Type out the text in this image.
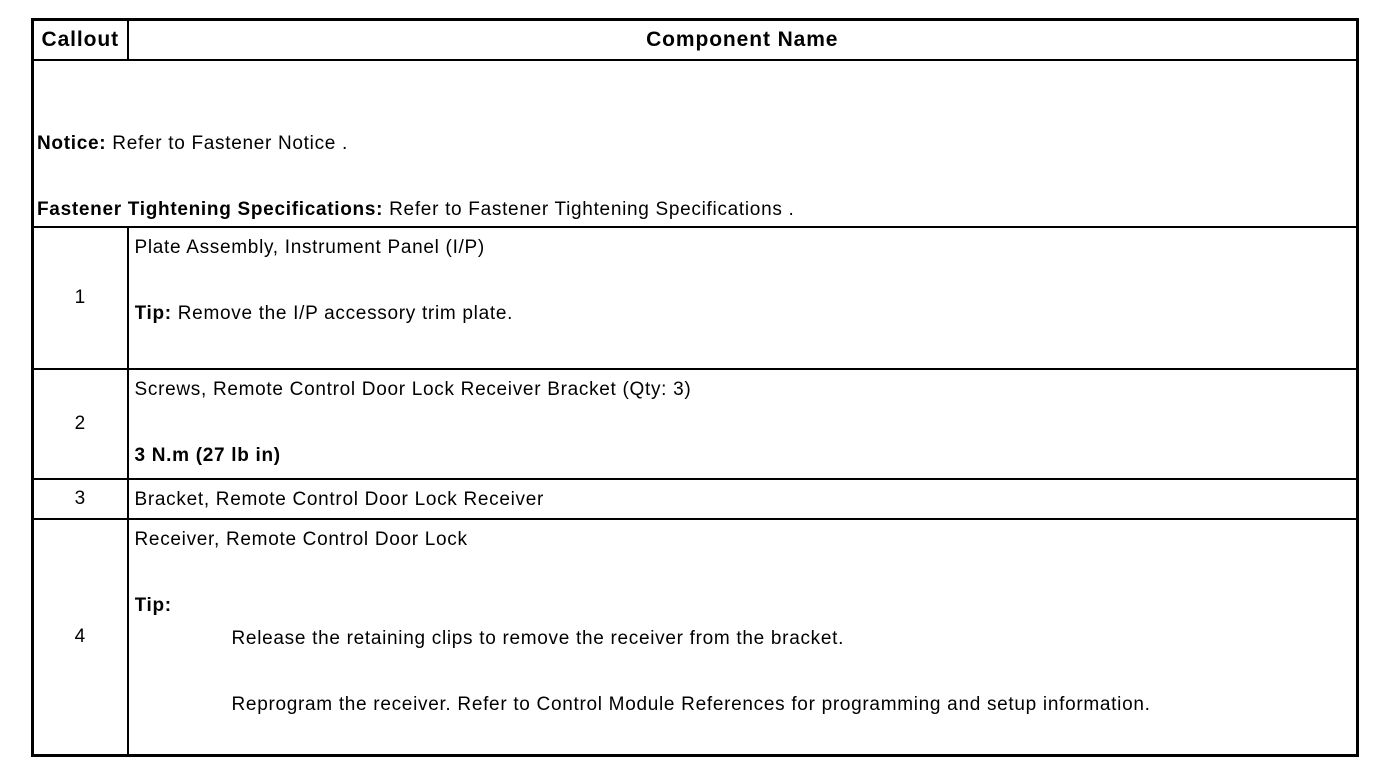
Callout	Component Name

Notice: Refer to Fastener Notice .
Fastener Tightening Specifications: Refer to Fastener Tightening Specifications .	

1	Plate Assembly, Instrument Panel (I/P)
Tip: Remove the I/P accessory trim plate.

2	Screws, Remote Control Door Lock Receiver Bracket (Qty: 3)
3 N.m (27 lb in)

3	Bracket, Remote Control Door Lock Receiver

4	Receiver, Remote Control Door Lock
Tip:
Release the retaining clips to remove the receiver from the bracket.
Reprogram the receiver. Refer to Control Module References for programming and setup information.
